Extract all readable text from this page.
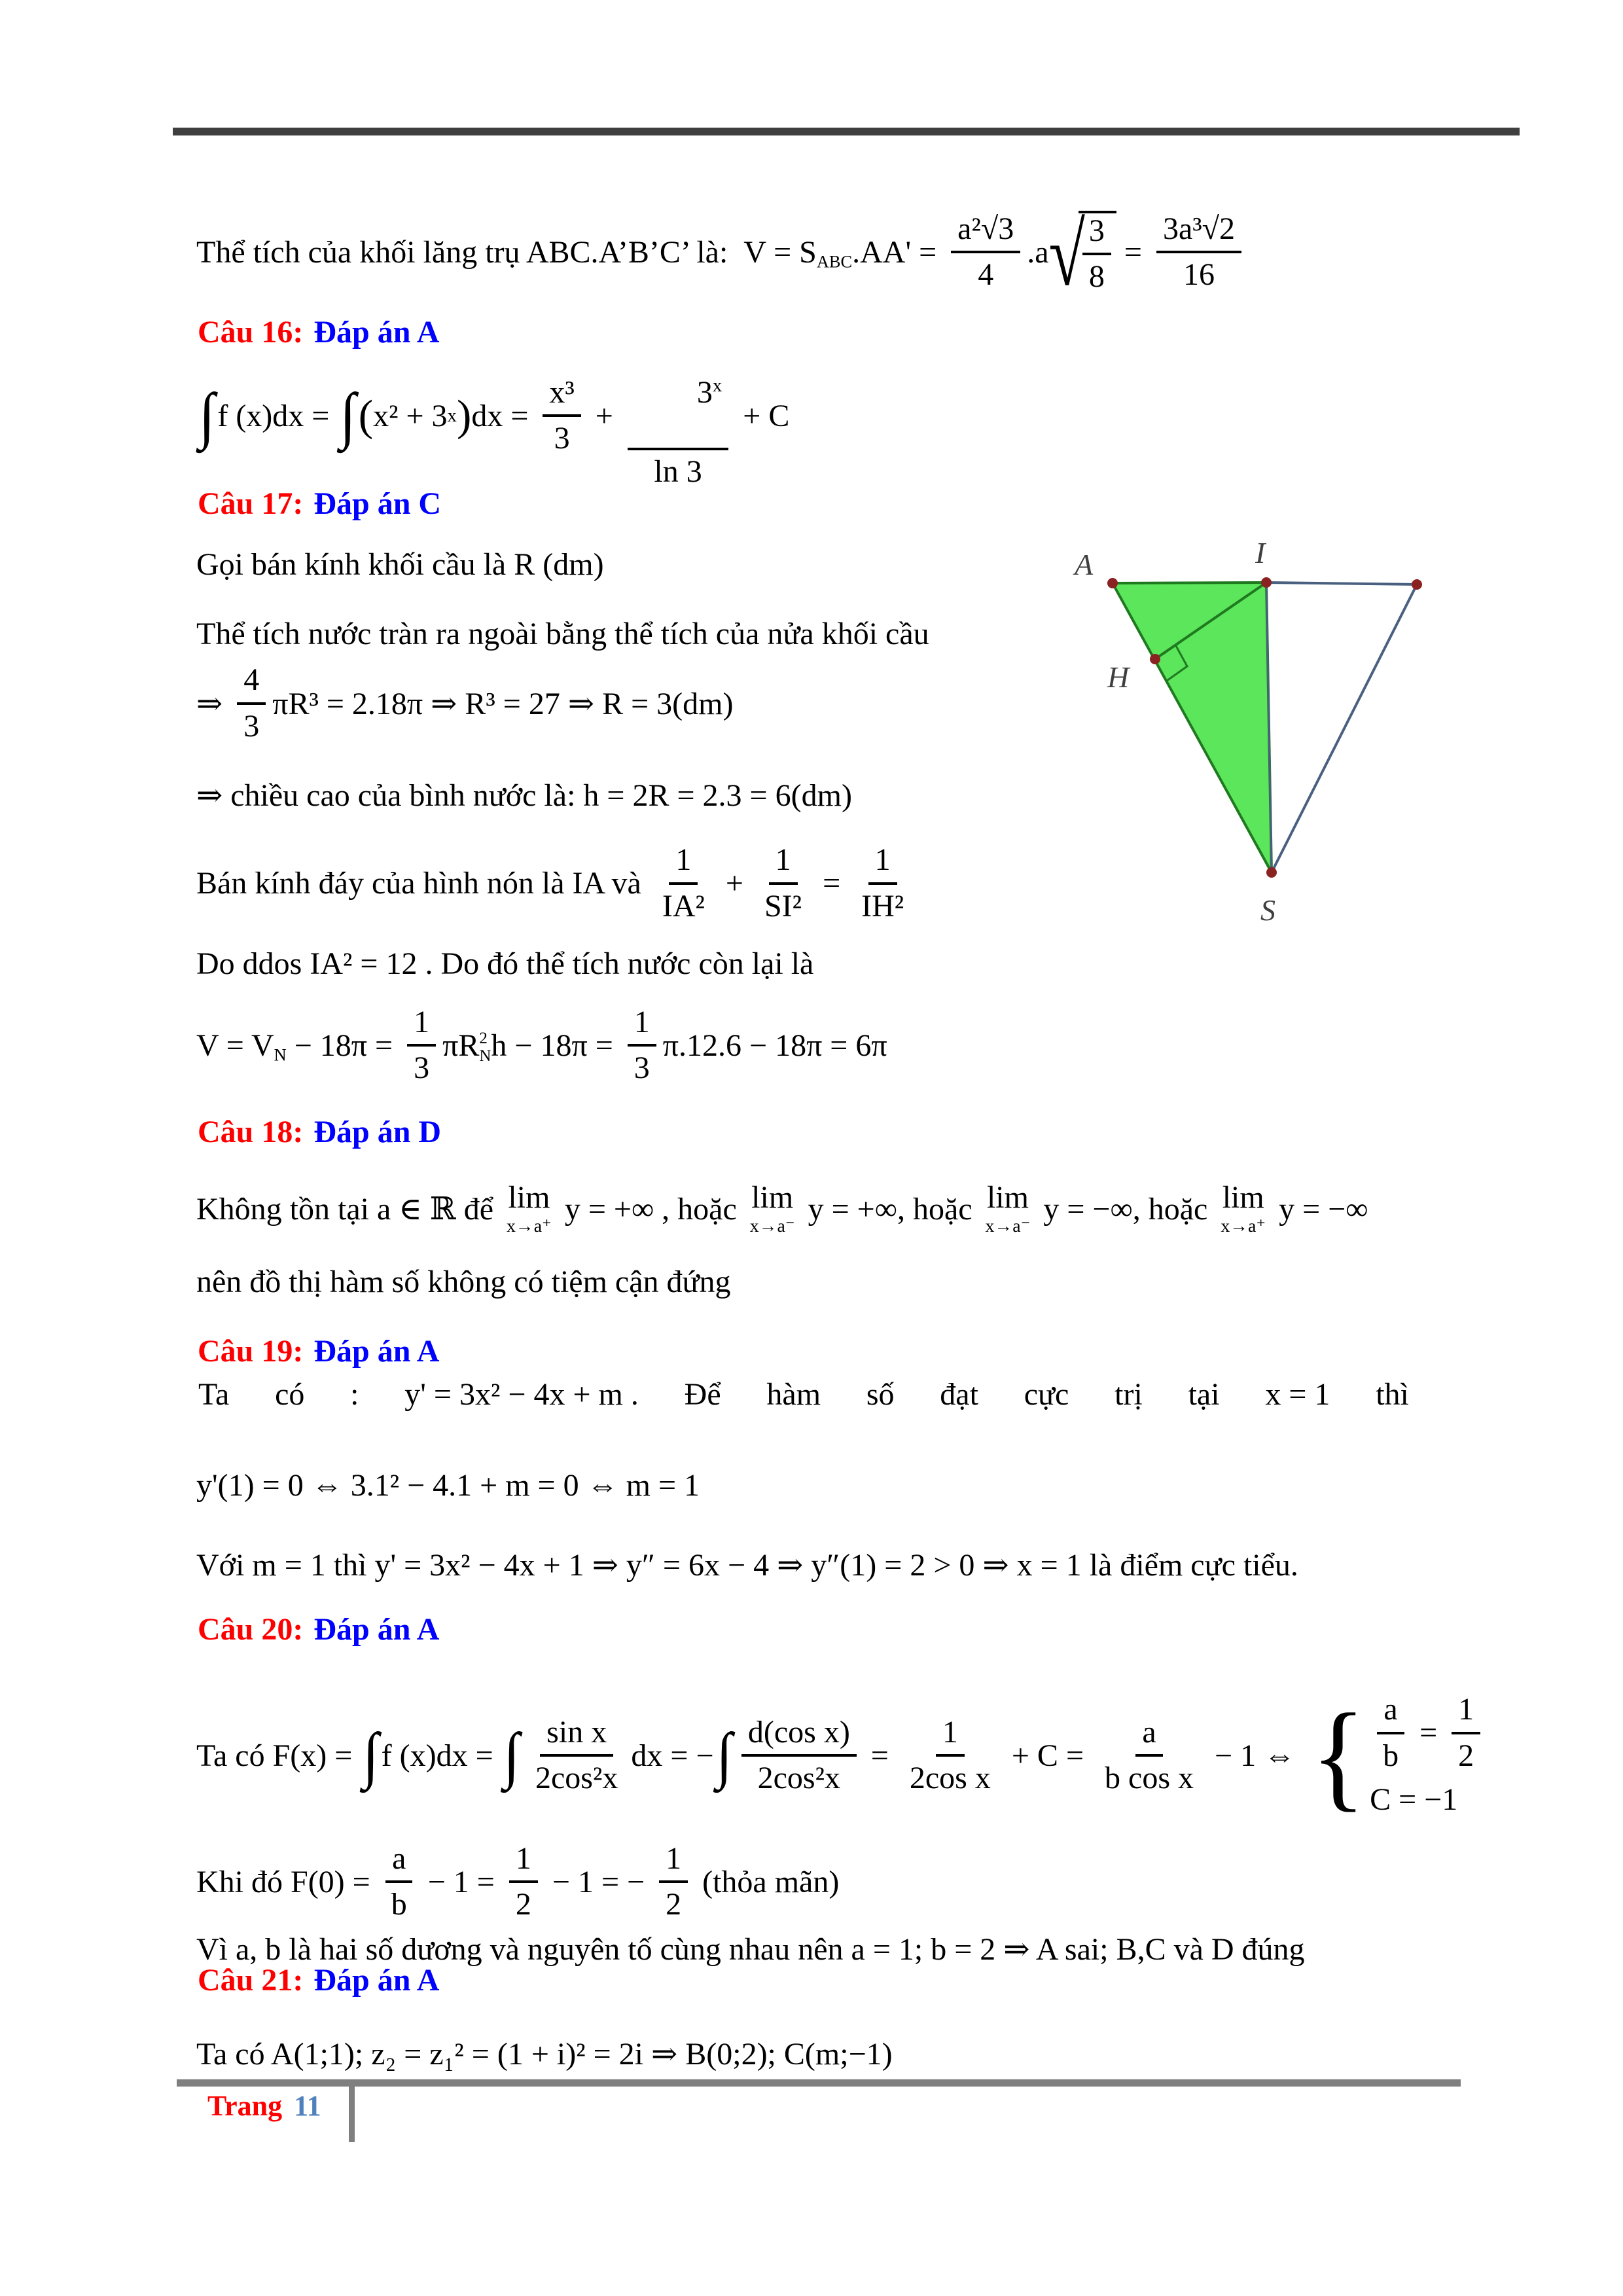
Thể tích của khối lăng trụ ABC.A’B’C’ là: V = S ABC $.AA' = \frac{\text{a²√3}}{4} .a$ √
$\frac{3}{8} = \frac{\text{3a³√2}}{16}$
Câu 16: Đáp án A
∫ f (x)dx = ∫ ( x² + 3 x ) dx = $\frac{\text{x³}}{3} + \frac{3^x}{\ln 3} + C$
Câu 17: Đáp án C
Gọi bán kính khối cầu là R (dm)
Thể tích nước tràn ra ngoài bằng thể tích của nửa khối cầu
⇒ $\frac{4}{3} \pi R^3 = 2.18\pi$ ⇒ R³ = 27 ⇒ R = 3(dm)
⇒ chiều cao của bình nước là: h = 2R = 2.3 = 6(dm)
Bán kính đáy của hình nón là IA và $\frac{1}{\text{IA²}} + \frac{1}{\text{SI²}} = \frac{1}{\text{IH²}}$
Do ddos IA² = 12 . Do đó thể tích nước còn lại là
V = V $N - 18\pi = \frac{1}{3}$ πR 2
N $h - 18\pi = \frac{1}{3} \pi.12.6 - 18\pi = 6\pi$
Câu 18: Đáp án D
Không tồn tại a ∈ ℝ để lim
x→a⁺
y = +∞ , hoặc lim
x→a⁻
y = +∞, hoặc lim
x→a⁻
y = −∞, hoặc lim
x→a⁺
y = −∞
nên đồ thị hàm số không có tiệm cận đứng
Câu 19: Đáp án A
Ta có : y' = 3x² − 4x + m . Để hàm số đạt cực trị tại x = 1 thì
y'(1) = 0 ⇔ 3.1² − 4.1 + m = 0 ⇔ m = 1
Với m = 1 thì y' = 3x² − 4x + 1 ⇒ y″ = 6x − 4 ⇒ y″(1) = 2 > 0 ⇒ x = 1 là điểm cực tiểu.
Câu 20: Đáp án A
Ta có F(x) = ∫ f (x)dx = ∫ $\frac{\text{sin x}}{\text{2cos²x}}$ dx = − ∫ $\frac{\text{d(cos x)}}{\text{2cos²x}} = \frac{1}{\text{2cos x}} + C = \frac{a}{\text{b cos x}} - 1$ ⇔ { $\frac{a}{b} = \frac{1}{2}$
C = −1
Khi đó $F(0) = \frac{a}{b} - 1 = \frac{1}{2} - 1$ = − $\frac{1}{2}$ (thỏa mãn)
Vì a, b là hai số dương và nguyên tố cùng nhau nên a = 1; b = 2 ⇒ A sai; B,C và D đúng
Câu 21: Đáp án A
Ta có A(1;1); z₂ = z₁² = (1 + i)² = 2i ⇒ B(0;2); C(m;−1)
A	I
H
S
Trang 11
